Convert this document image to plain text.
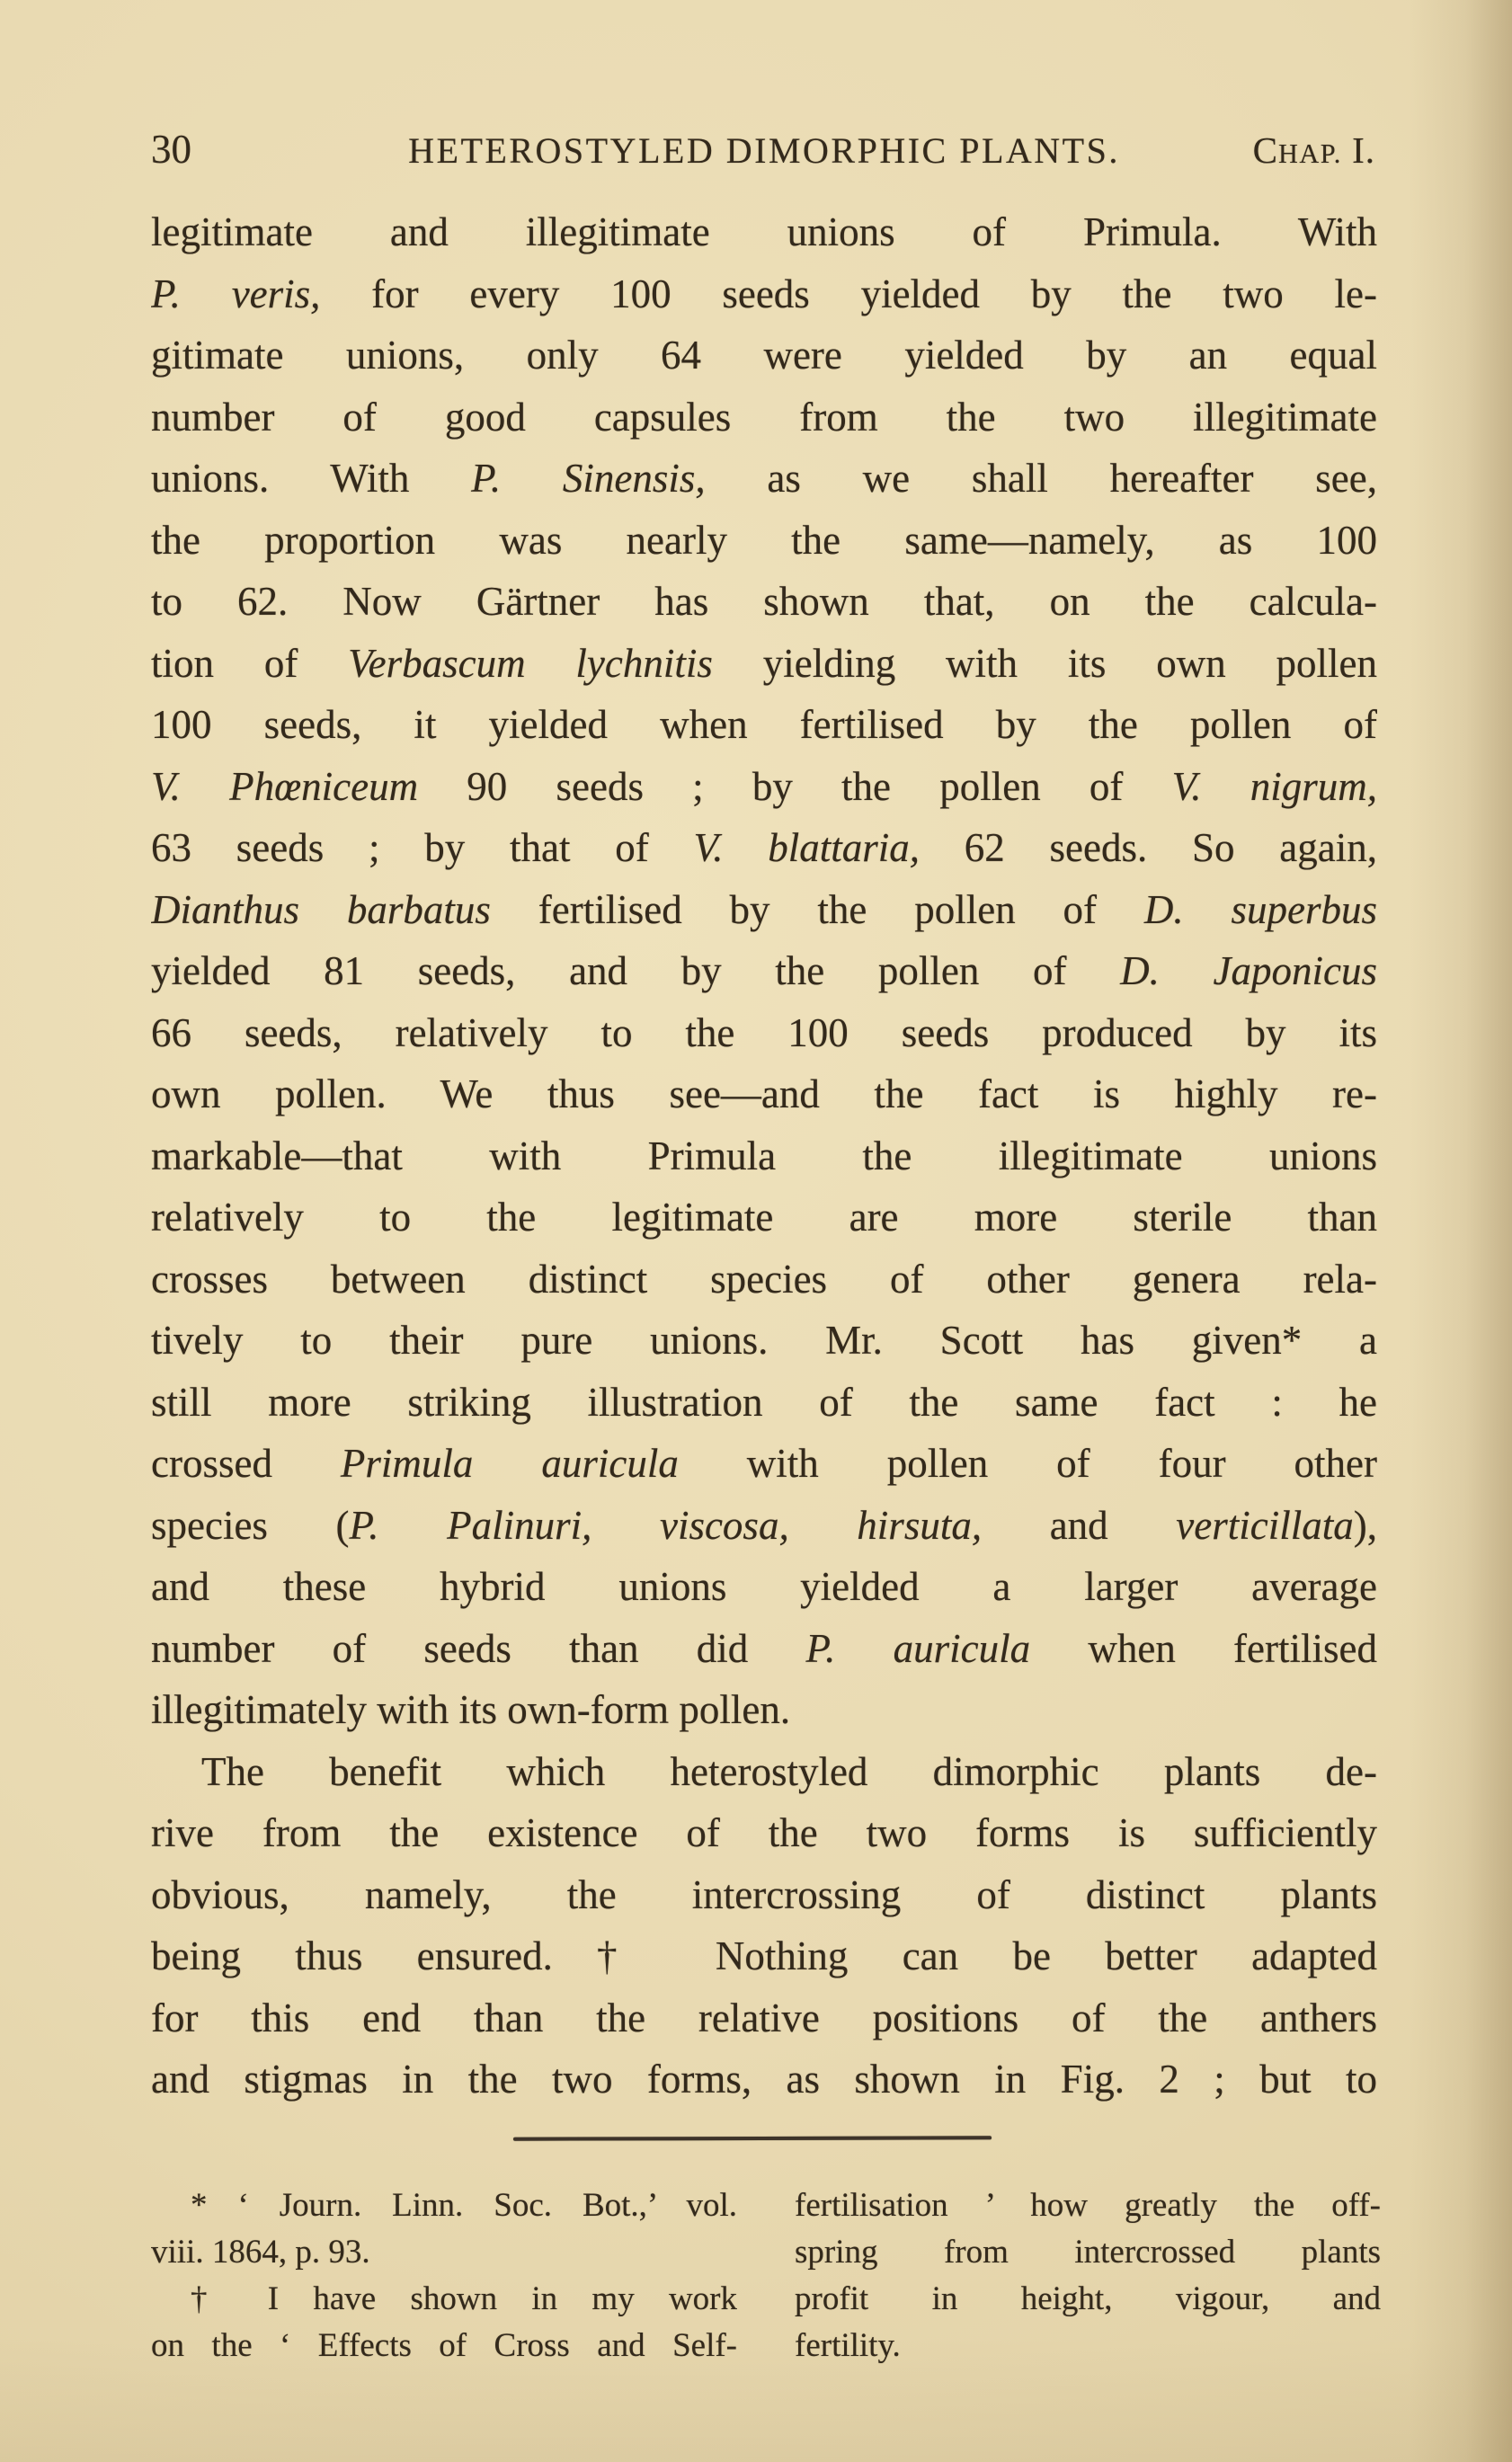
30	HETEROSTYLED DIMORPHIC PLANTS.	CHAP. I.
legitimate and illegitimate unions of Primula. With
P. veris, for every 100 seeds yielded by the two le-
gitimate unions, only 64 were yielded by an equal
number of good capsules from the two illegitimate
unions. With P. Sinensis, as we shall hereafter see,
the proportion was nearly the same—namely, as 100
to 62. Now Gärtner has shown that, on the calcula-
tion of Verbascum lychnitis yielding with its own pollen
100 seeds, it yielded when fertilised by the pollen of
V. Phœniceum 90 seeds ; by the pollen of V. nigrum,
63 seeds ; by that of V. blattaria, 62 seeds. So again,
Dianthus barbatus fertilised by the pollen of D. superbus
yielded 81 seeds, and by the pollen of D. Japonicus
66 seeds, relatively to the 100 seeds produced by its
own pollen. We thus see—and the fact is highly re-
markable—that with Primula the illegitimate unions
relatively to the legitimate are more sterile than
crosses between distinct species of other genera rela-
tively to their pure unions. Mr. Scott has given* a
still more striking illustration of the same fact : he
crossed Primula auricula with pollen of four other
species (P. Palinuri, viscosa, hirsuta, and verticillata),
and these hybrid unions yielded a larger average
number of seeds than did P. auricula when fertilised
illegitimately with its own-form pollen.
The benefit which heterostyled dimorphic plants de-
rive from the existence of the two forms is sufficiently
obvious, namely, the intercrossing of distinct plants
being thus ensured.† Nothing can be better adapted
for this end than the relative positions of the anthers
and stigmas in the two forms, as shown in Fig. 2 ; but to
* ‘ Journ. Linn. Soc. Bot.,’ vol.
viii. 1864, p. 93.
† I have shown in my work
on the ‘ Effects of Cross and Self-
fertilisation ’ how greatly the off-
spring from intercrossed plants
profit in height, vigour, and
fertility.
